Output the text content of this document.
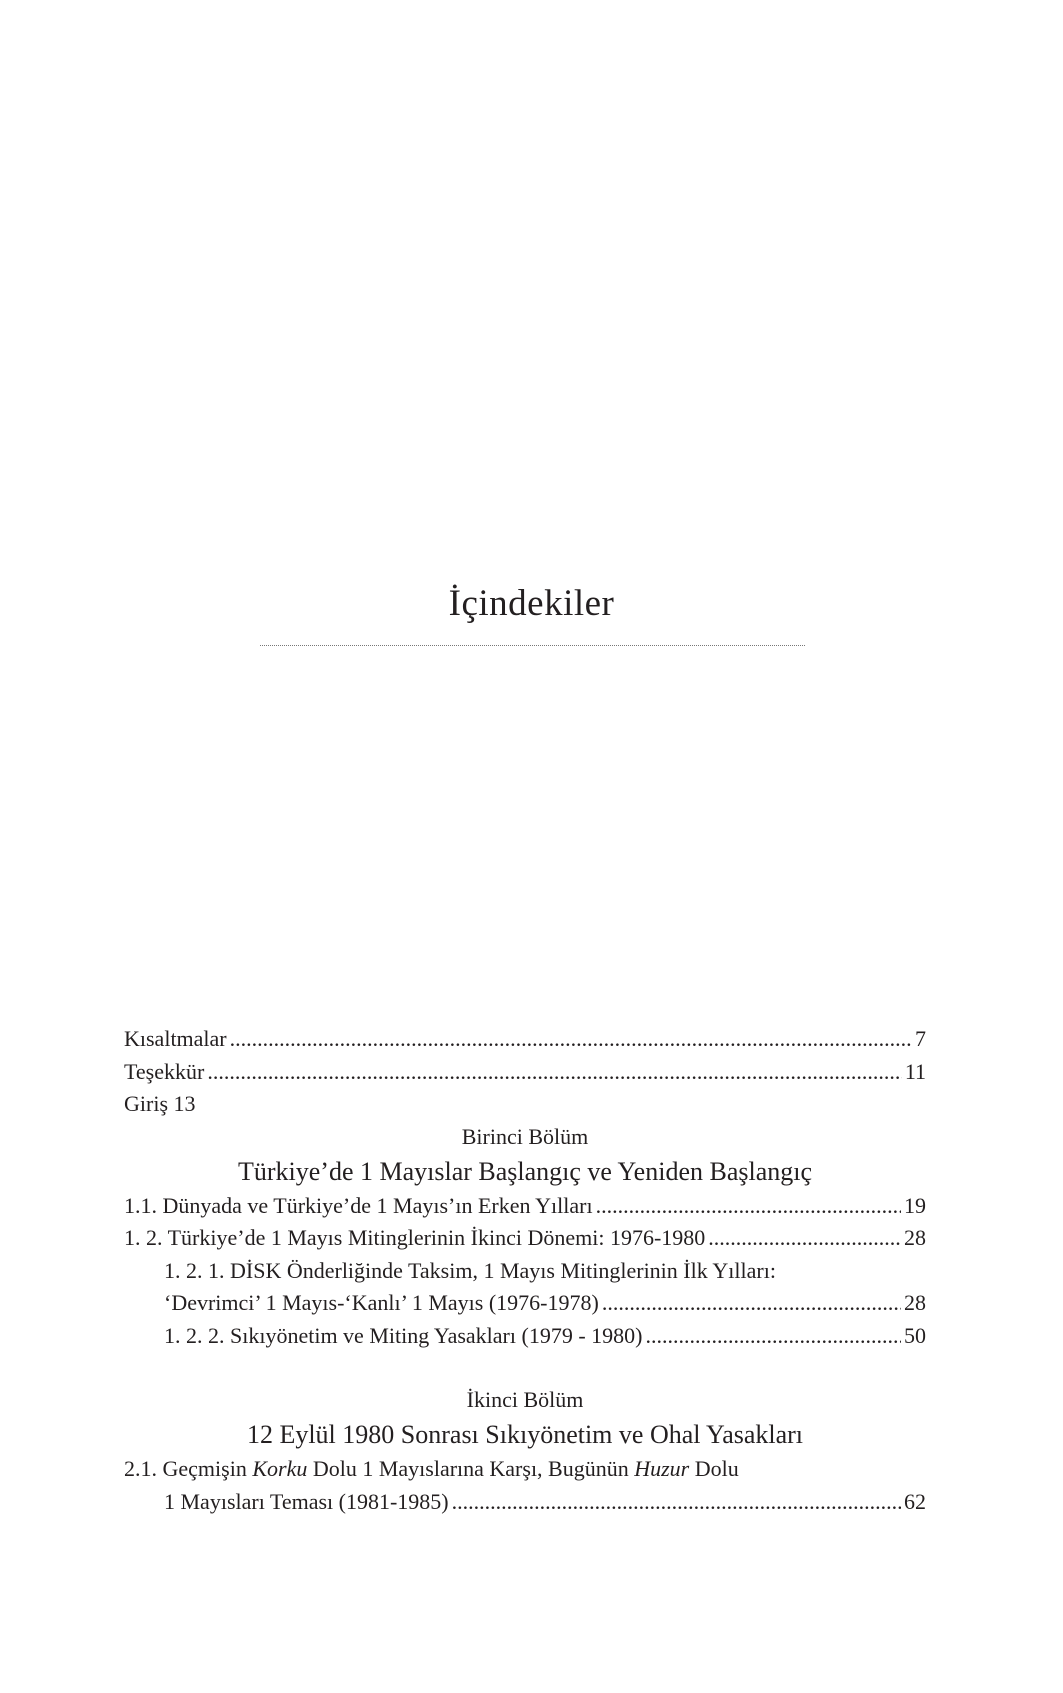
İçindekiler
Kısaltmalar .....	7
Teşekkür .....	11
Giriş 13
Birinci Bölüm
Türkiye’de 1 Mayıslar Başlangıç ve Yeniden Başlangıç
1.1. Dünyada ve Türkiye’de 1 Mayıs’ın Erken Yılları .....	19
1. 2. Türkiye’de 1 Mayıs Mitinglerinin İkinci Dönemi: 1976-1980 .....	28
1. 2. 1. DİSK Önderliğinde Taksim, 1 Mayıs Mitinglerinin İlk Yılları:
‘Devrimci’ 1 Mayıs-‘Kanlı’ 1 Mayıs (1976-1978) .....	28
1. 2. 2. Sıkıyönetim ve Miting Yasakları (1979 - 1980) .....	50
İkinci Bölüm
12 Eylül 1980 Sonrası Sıkıyönetim ve Ohal Yasakları
2.1. Geçmişin Korku Dolu 1 Mayıslarına Karşı, Bugünün Huzur Dolu
1 Mayısları Teması (1981-1985) .....	62
